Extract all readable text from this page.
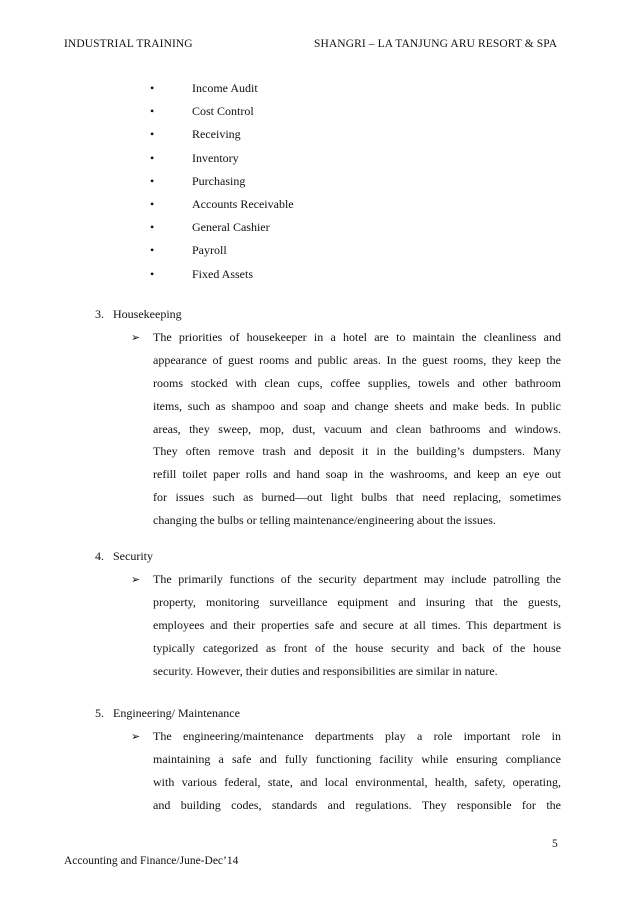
INDUSTRIAL TRAINING	SHANGRI – LA TANJUNG ARU RESORT & SPA
•	Income Audit
•	Cost Control
•	Receiving
•	Inventory
•	Purchasing
•	Accounts Receivable
•	General Cashier
•	Payroll
•	Fixed Assets
3. Housekeeping
➢ The priorities of housekeeper in a hotel are to maintain the cleanliness and
appearance of guest rooms and public areas. In the guest rooms, they keep the
rooms stocked with clean cups, coffee supplies, towels and other bathroom
items, such as shampoo and soap and change sheets and make beds. In public
areas, they sweep, mop, dust, vacuum and clean bathrooms and windows.
They often remove trash and deposit it in the building’s dumpsters. Many
refill toilet paper rolls and hand soap in the washrooms, and keep an eye out
for issues such as burned—out light bulbs that need replacing, sometimes
changing the bulbs or telling maintenance/engineering about the issues.
4. Security
➢ The primarily functions of the security department may include patrolling the
property, monitoring surveillance equipment and insuring that the guests,
employees and their properties safe and secure at all times. This department is
typically categorized as front of the house security and back of the house
security. However, their duties and responsibilities are similar in nature.
5. Engineering/ Maintenance
➢ The engineering/maintenance departments play a role important role in
maintaining a safe and fully functioning facility while ensuring compliance
with various federal, state, and local environmental, health, safety, operating,
and building codes, standards and regulations. They responsible for the
5
Accounting and Finance/June-Dec’14
